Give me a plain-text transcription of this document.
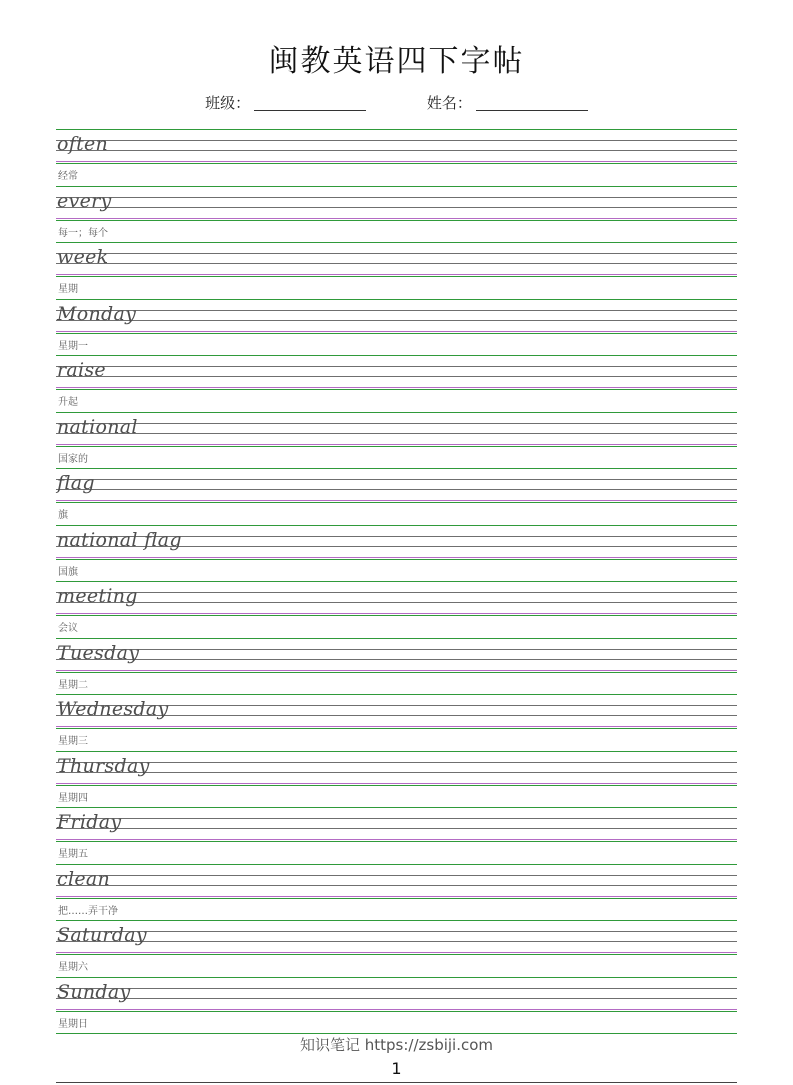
闽教英语四下字帖
班级：	姓名：
often
经常
every
每一；每个
week
星期
Monday
星期一
raise
升起
national
国家的
flag
旗
national flag
国旗
meeting
会议
Tuesday
星期二
Wednesday
星期三
Thursday
星期四
Friday
星期五
clean
把……弄干净
Saturday
星期六
Sunday
星期日
知识笔记 https://zsbiji.com
1
